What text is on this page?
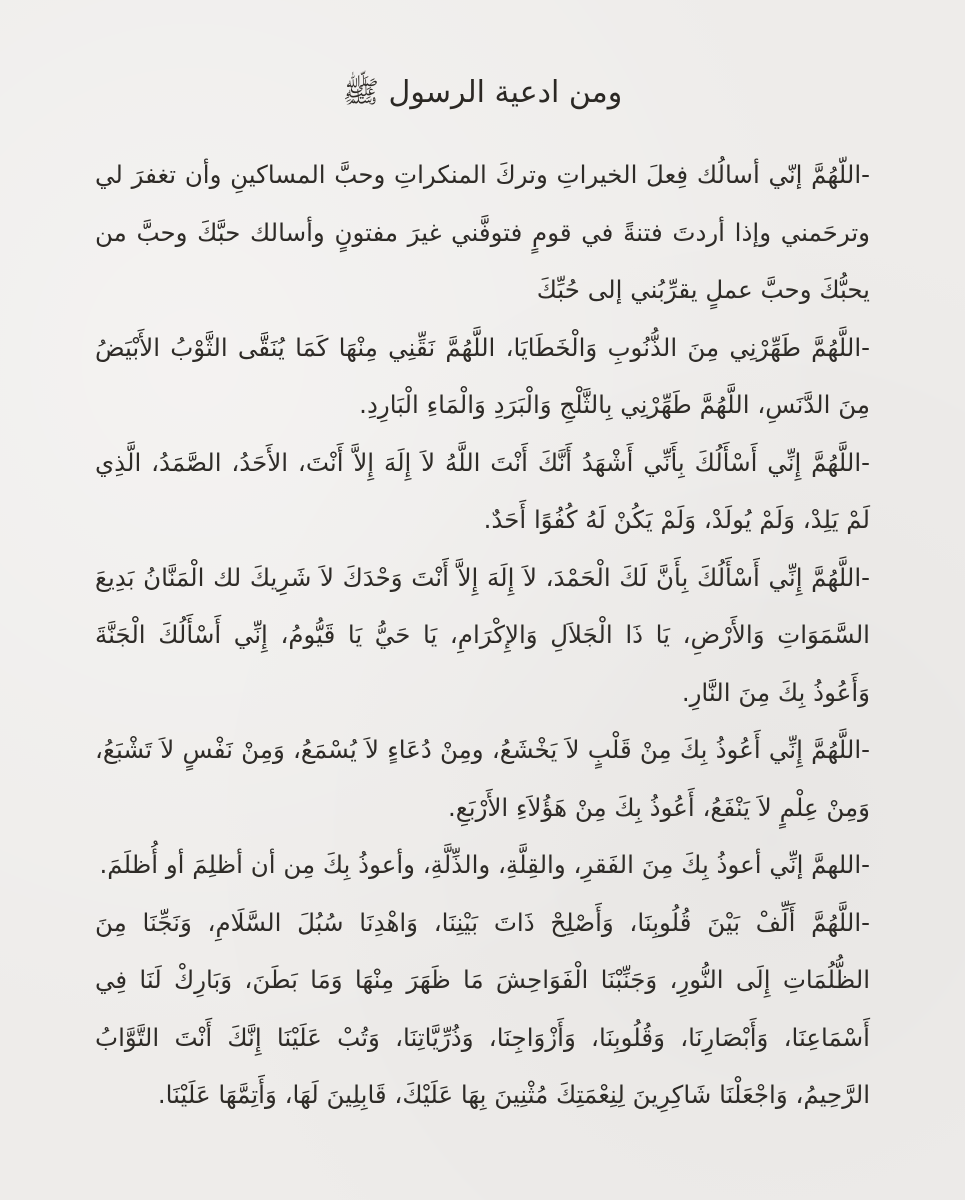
ومن ادعية الرسول ﷺ

-اللّهُمَّ إنّي أسالُك فِعلَ الخيراتِ وتركَ المنكراتِ وحبَّ المساكينِ وأن تغفرَ لي وترحَمني وإذا أردتَ فتنةً في قومٍ فتوفَّني غيرَ مفتونٍ وأسالك حبَّكَ وحبَّ من يحبُّكَ وحبَّ عملٍ يقرِّبُني إلى حُبِّكَ

-اللَّهُمَّ طَهِّرْنِي مِنَ الذُّنُوبِ وَالْخَطَايَا، اللَّهُمَّ نَقِّنِي مِنْهَا كَمَا يُنَقَّى الثَّوْبُ الأَبْيَضُ مِنَ الدَّنَسِ، اللَّهُمَّ طَهِّرْنِي بِالثَّلْجِ وَالْبَرَدِ وَالْمَاءِ الْبَارِدِ.

-اللَّهُمَّ إِنِّي أَسْأَلُكَ بِأَنِّي أَشْهَدُ أَنَّكَ أَنْتَ اللَّهُ لاَ إِلَهَ إِلاَّ أَنْتَ، الأَحَدُ، الصَّمَدُ، الَّذِي لَمْ يَلِدْ، وَلَمْ يُولَدْ، وَلَمْ يَكُنْ لَهُ كُفُوًا أَحَدٌ.

-اللَّهُمَّ إِنِّي أَسْأَلُكَ بِأَنَّ لَكَ الْحَمْدَ، لاَ إِلَهَ إِلاَّ أَنْتَ وَحْدَكَ لاَ شَرِيكَ لك الْمَنَّانُ بَدِيعَ السَّمَوَاتِ وَالأَرْضِ، يَا ذَا الْجَلاَلِ وَالإِكْرَامِ، يَا حَيُّ يَا قَيُّومُ، إِنِّي أَسْأَلُكَ الْجَنَّةَ وَأَعُوذُ بِكَ مِنَ النَّارِ.

-اللَّهُمَّ إِنِّي أَعُوذُ بِكَ مِنْ قَلْبٍ لاَ يَخْشَعُ، ومِنْ دُعَاءٍ لاَ يُسْمَعُ، وَمِنْ نَفْسٍ لاَ تَشْبَعُ، وَمِنْ عِلْمٍ لاَ يَنْفَعُ، أَعُوذُ بِكَ مِنْ هَؤُلاَءِ الأَرْبَعِ.

-اللهمَّ إنِّي أعوذُ بِكَ مِنَ الفَقرِ، والقِلَّةِ، والذِّلَّةِ، وأعوذُ بِكَ مِن أن أظلِمَ أو أُظلَمَ.

-اللَّهُمَّ أَلِّفْ بَيْنَ قُلُوبِنَا، وَأَصْلِحْ ذَاتَ بَيْنِنَا، وَاهْدِنَا سُبُلَ السَّلَامِ، وَنَجِّنَا مِنَ الظُّلُمَاتِ إِلَى النُّورِ، وَجَنِّبْنَا الْفَوَاحِشَ مَا ظَهَرَ مِنْهَا وَمَا بَطَنَ، وَبَارِكْ لَنَا فِي أَسْمَاعِنَا، وَأَبْصَارِنَا، وَقُلُوبِنَا، وَأَزْوَاجِنَا، وَذُرِّيَّاتِنَا، وَتُبْ عَلَيْنَا إِنَّكَ أَنْتَ التَّوَّابُ الرَّحِيمُ، وَاجْعَلْنَا شَاكِرِينَ لِنِعْمَتِكَ مُثْنِينَ بِهَا عَلَيْكَ، قَابِلِينَ لَهَا، وَأَتِمَّهَا عَلَيْنَا.
